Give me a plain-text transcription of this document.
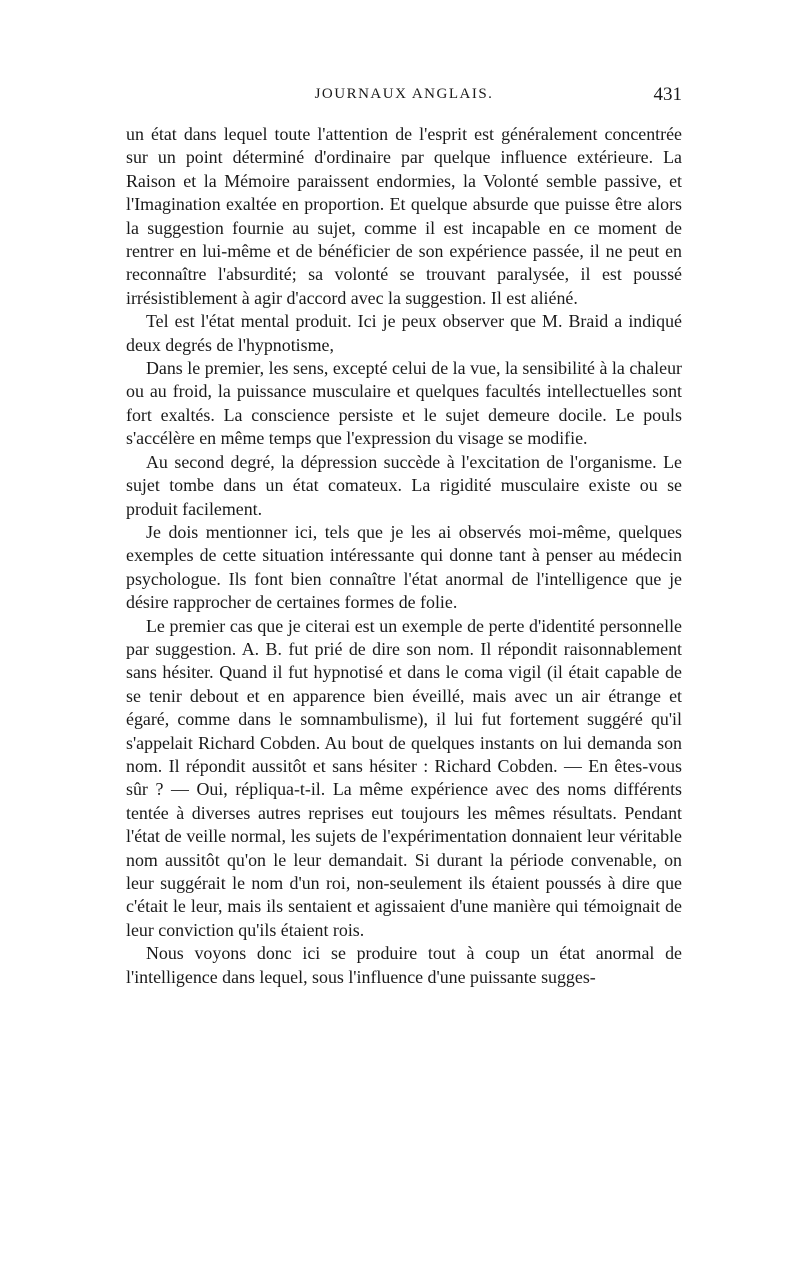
JOURNAUX ANGLAIS.	431

un état dans lequel toute l'attention de l'esprit est généralement concentrée sur un point déterminé d'ordinaire par quelque influence extérieure. La Raison et la Mémoire paraissent endormies, la Volonté semble passive, et l'Imagination exaltée en proportion. Et quelque absurde que puisse être alors la suggestion fournie au sujet, comme il est incapable en ce moment de rentrer en lui-même et de bénéficier de son expérience passée, il ne peut en reconnaître l'absurdité; sa volonté se trouvant paralysée, il est poussé irrésistiblement à agir d'accord avec la suggestion. Il est aliéné.

Tel est l'état mental produit. Ici je peux observer que M. Braid a indiqué deux degrés de l'hypnotisme,

Dans le premier, les sens, excepté celui de la vue, la sensibilité à la chaleur ou au froid, la puissance musculaire et quelques facultés intellectuelles sont fort exaltés. La conscience persiste et le sujet demeure docile. Le pouls s'accélère en même temps que l'expression du visage se modifie.

Au second degré, la dépression succède à l'excitation de l'organisme. Le sujet tombe dans un état comateux. La rigidité musculaire existe ou se produit facilement.

Je dois mentionner ici, tels que je les ai observés moi-même, quelques exemples de cette situation intéressante qui donne tant à penser au médecin psychologue. Ils font bien connaître l'état anormal de l'intelligence que je désire rapprocher de certaines formes de folie.

Le premier cas que je citerai est un exemple de perte d'identité personnelle par suggestion. A. B. fut prié de dire son nom. Il répondit raisonnablement sans hésiter. Quand il fut hypnotisé et dans le coma vigil (il était capable de se tenir debout et en apparence bien éveillé, mais avec un air étrange et égaré, comme dans le somnambulisme), il lui fut fortement suggéré qu'il s'appelait Richard Cobden. Au bout de quelques instants on lui demanda son nom. Il répondit aussitôt et sans hésiter : Richard Cobden. — En êtes-vous sûr ? — Oui, répliqua-t-il. La même expérience avec des noms différents tentée à diverses autres reprises eut toujours les mêmes résultats. Pendant l'état de veille normal, les sujets de l'expérimentation donnaient leur véritable nom aussitôt qu'on le leur demandait. Si durant la période convenable, on leur suggérait le nom d'un roi, non-seulement ils étaient poussés à dire que c'était le leur, mais ils sentaient et agissaient d'une manière qui témoignait de leur conviction qu'ils étaient rois.

Nous voyons donc ici se produire tout à coup un état anormal de l'intelligence dans lequel, sous l'influence d'une puissante sugges-
